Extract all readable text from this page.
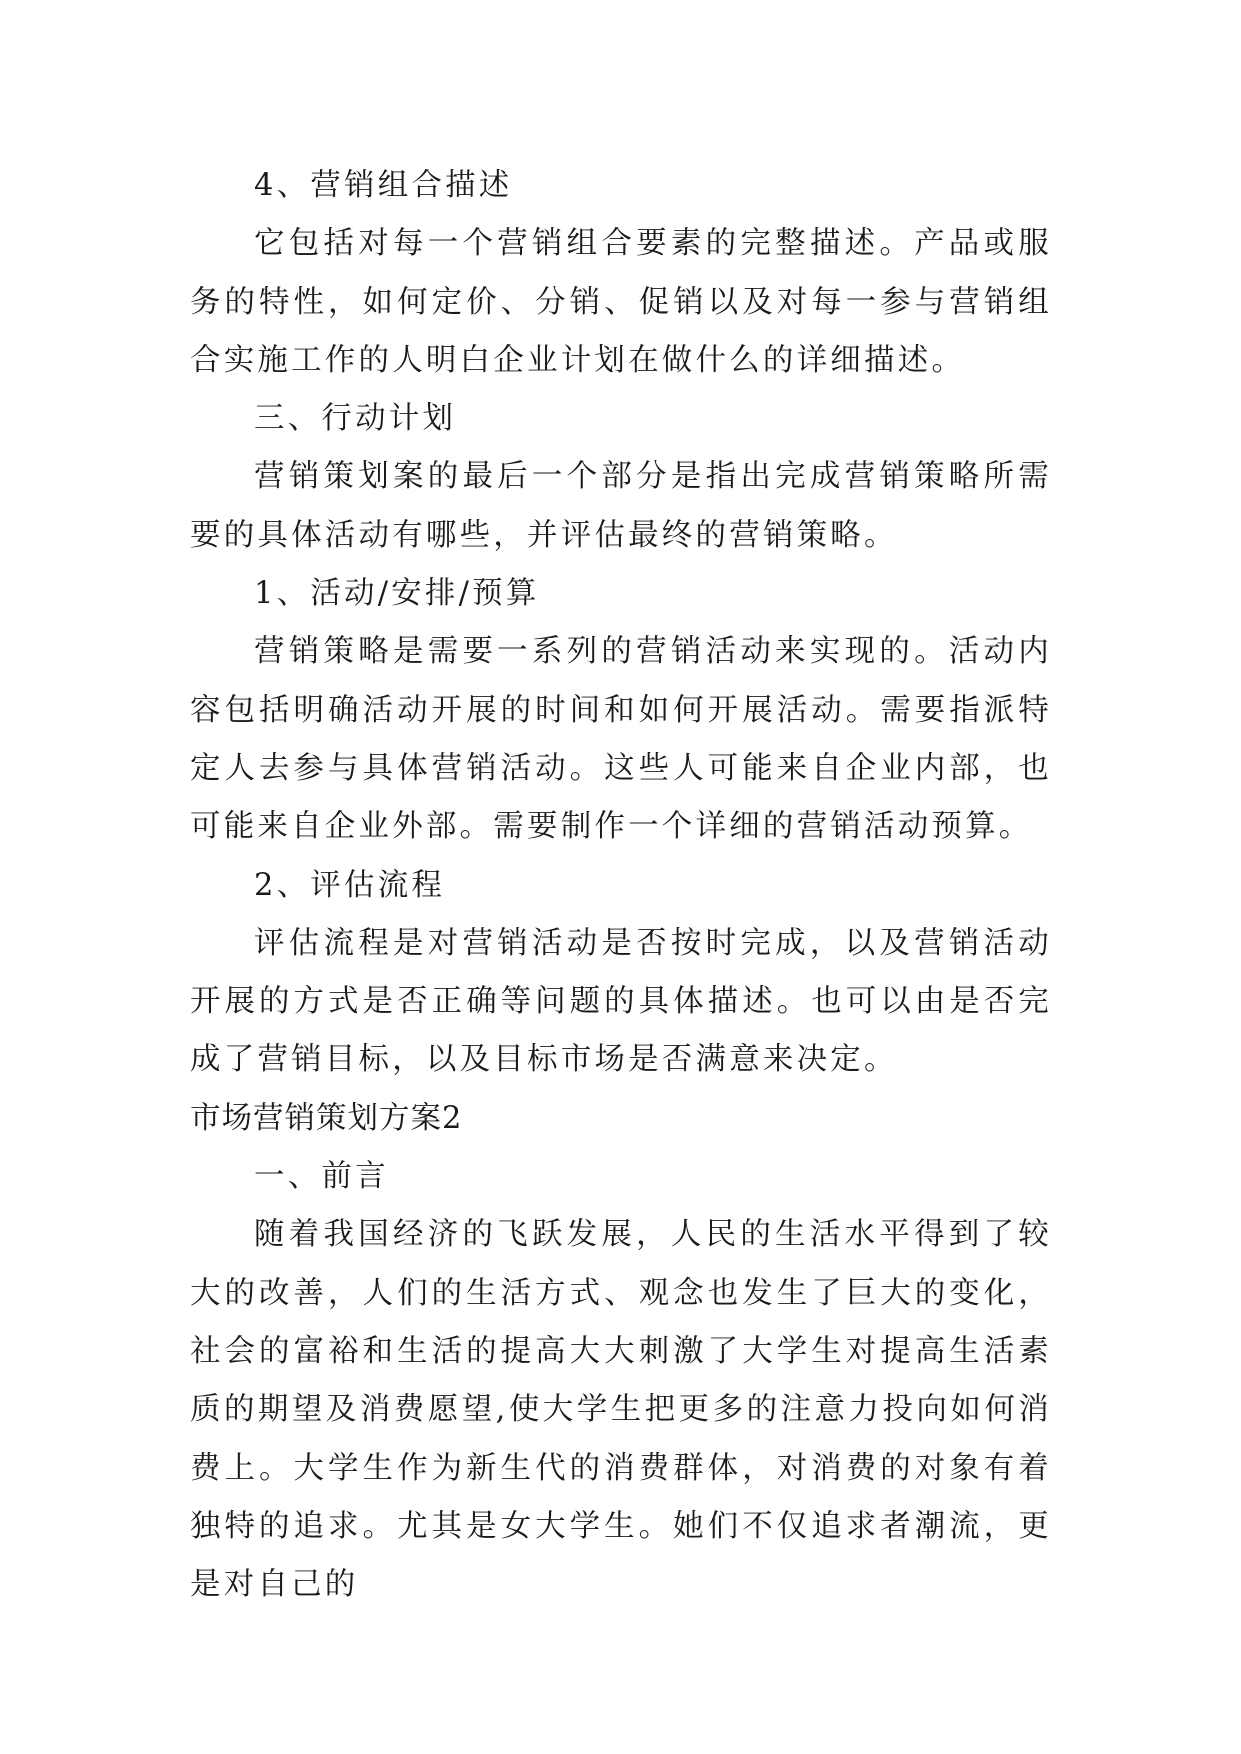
4、营销组合描述

它包括对每一个营销组合要素的完整描述。产品或服务的特性，如何定价、分销、促销以及对每一参与营销组合实施工作的人明白企业计划在做什么的详细描述。

三、行动计划

营销策划案的最后一个部分是指出完成营销策略所需要的具体活动有哪些，并评估最终的营销策略。

1、活动/安排/预算

营销策略是需要一系列的营销活动来实现的。活动内容包括明确活动开展的时间和如何开展活动。需要指派特定人去参与具体营销活动。这些人可能来自企业内部，也可能来自企业外部。需要制作一个详细的营销活动预算。

2、评估流程

评估流程是对营销活动是否按时完成，以及营销活动开展的方式是否正确等问题的具体描述。也可以由是否完成了营销目标，以及目标市场是否满意来决定。

市场营销策划方案2

一、前言

随着我国经济的飞跃发展，人民的生活水平得到了较大的改善，人们的生活方式、观念也发生了巨大的变化，社会的富裕和生活的提高大大刺激了大学生对提高生活素质的期望及消费愿望,使大学生把更多的注意力投向如何消费上。大学生作为新生代的消费群体，对消费的对象有着独特的追求。尤其是女大学生。她们不仅追求者潮流，更是对自己的
